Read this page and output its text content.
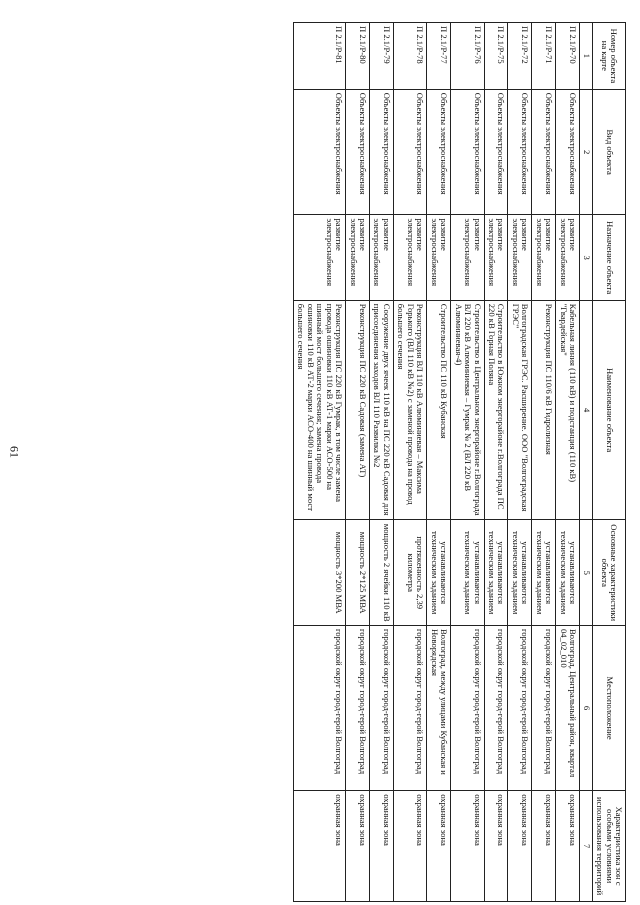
61
Номер объекта на карте	Вид объекта	Назначение объекта	Наименование объекта	Основные характеристики объекта	Местоположение	Характеристика зон с особыми условиями использования территорий
1	2	3	4	5	6	7
П 2.1/Р-70	Объекты электроснабжения	развитие электроснабжения	Кабельная линия (110 кВ) и подстанция (110 кВ) "Гвардейская"	устанавливаются техническим заданием	Волгоград, Центральный район, квартал 04_02_010	охранная зона
П 2.1/Р-71	Объекты электроснабжения	развитие электроснабжения	Реконструкция ПС 110/6 кВ Гидролизная	устанавливаются техническим заданием	городской округ город-герой Волгоград	охранная зона
П 2.1/Р-72	Объекты электроснабжения	развитие электроснабжения	Волгоградская ГРЭС. Расширение. ООО "Волгоградская ГРЭС"	устанавливаются техническим заданием	городской округ город-герой Волгоград	охранная зона
П 2.1/Р-75	Объекты электроснабжения	развитие электроснабжения	Строительство в Южном энергорайоне г.Волгограда ПС 220 кВ Горная Поляна	устанавливаются техническим заданием	городской округ город-герой Волгоград	охранная зона
П 2.1/Р-76	Объекты электроснабжения	развитие электроснабжения	Строительство в Центральном энергорайоне г.Волгограда ВЛ 220 кВ Алюминиевая – Гумрак № 2 (ВЛ 220 кВ Алюминиевая-4)	устанавливаются техническим заданием	городской округ город-герой Волгоград	охранная зона
П 2.1/Р-77	Объекты электроснабжения	развитие электроснабжения	Строительство ПС 110 кВ Кубанская	устанавливаются техническим заданием	Волгоград, между улицами Кубанская и Новорядская	охранная зона
П 2.1/Р-78	Объекты электроснабжения	развитие электроснабжения	Реконструкция ВЛ 110 кВ Алюминиевая – Максима Горького (ВЛ 110 кВ №2) с заменой провода на провод большего сечения	протяженность 2,39 километра	городской округ город-герой Волгоград	охранная зона
П 2.1/Р-79	Объекты электроснабжения	развитие электроснабжения	Сооружение двух ячеек 110 кВ на ПС 220 кВ Садовая для присоединения заходов ВЛ 110 Развилка №2	мощность 2 ячейки 110 кВ	городской округ город-герой Волгоград	охранная зона
П 2.1/Р-80	Объекты электроснабжения	развитие электроснабжения	Реконструкция ПС 220 кВ Садовая (замена АТ)	мощность 2*125 МВА	городской округ город-герой Волгоград	охранная зона
П 2.1/Р-81	Объекты электроснабжения	развитие электроснабжения	Реконструкция ПС 220 кВ Гумрак, в том числе замена провода ошиновки 110 кВ АТ-1 марки АСО-500 на шинный мост большего сечения; замена провода ошиновки 110 кВ АТ-2 марки АСО-400 на шинный мост большего сечения	мощность 3*200 МВА	городской округ город-герой Волгоград	охранная зона
